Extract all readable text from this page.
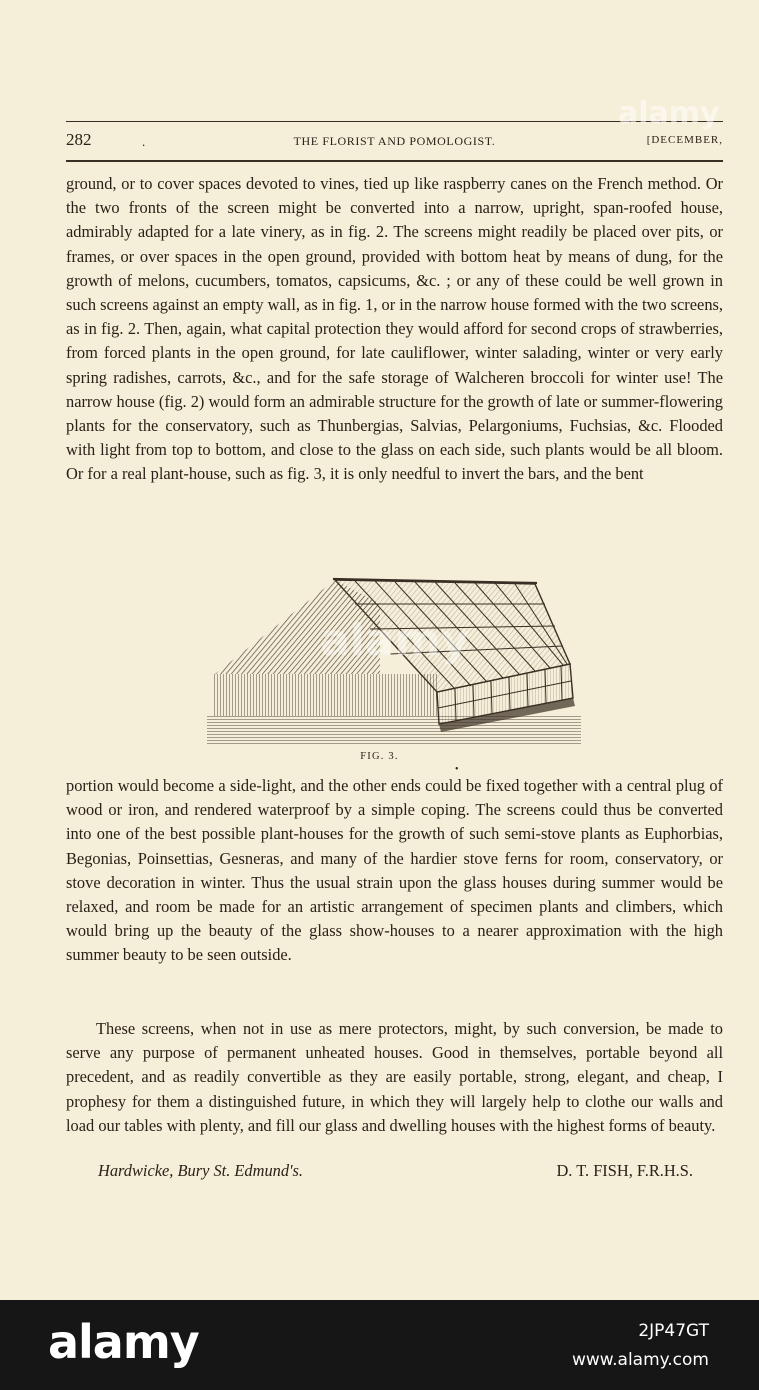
282	.	THE FLORIST AND POMOLOGIST.	[DECEMBER,

ground, or to cover spaces devoted to vines, tied up like raspberry canes on the French method. Or the two fronts of the screen might be converted into a narrow, upright, span-roofed house, admirably adapted for a late vinery, as in fig. 2. The screens might readily be placed over pits, or frames, or over spaces in the open ground, provided with bottom heat by means of dung, for the growth of melons, cucumbers, tomatos, capsicums, &c. ; or any of these could be well grown in such screens against an empty wall, as in fig. 1, or in the narrow house formed with the two screens, as in fig. 2. Then, again, what capital protection they would afford for second crops of strawberries, from forced plants in the open ground, for late cauliflower, winter salading, winter or very early spring radishes, carrots, &c., and for the safe storage of Walcheren broccoli for winter use! The narrow house (fig. 2) would form an admirable structure for the growth of late or summer-flowering plants for the conservatory, such as Thunbergias, Salvias, Pelargoniums, Fuchsias, &c. Flooded with light from top to bottom, and close to the glass on each side, such plants would be all bloom. Or for a real plant-house, such as fig. 3, it is only needful to invert the bars, and the bent

FIG. 3.
•

portion would become a side-light, and the other ends could be fixed together with a central plug of wood or iron, and rendered waterproof by a simple coping. The screens could thus be converted into one of the best possible plant-houses for the growth of such semi-stove plants as Euphorbias, Begonias, Poinsettias, Gesneras, and many of the hardier stove ferns for room, conservatory, or stove decoration in winter. Thus the usual strain upon the glass houses during summer would be relaxed, and room be made for an artistic arrangement of specimen plants and climbers, which would bring up the beauty of the glass show-houses to a nearer approximation with the high summer beauty to be seen outside.

These screens, when not in use as mere protectors, might, by such conversion, be made to serve any purpose of permanent unheated houses. Good in themselves, portable beyond all precedent, and as readily convertible as they are easily portable, strong, elegant, and cheap, I prophesy for them a distinguished future, in which they will largely help to clothe our walls and load our tables with plenty, and fill our glass and dwelling houses with the highest forms of beauty.

Hardwicke, Bury St. Edmund's.	D. T. FISH, F.R.H.S.
alamy
alamy
alamy	2JP47GT
www.alamy.com
